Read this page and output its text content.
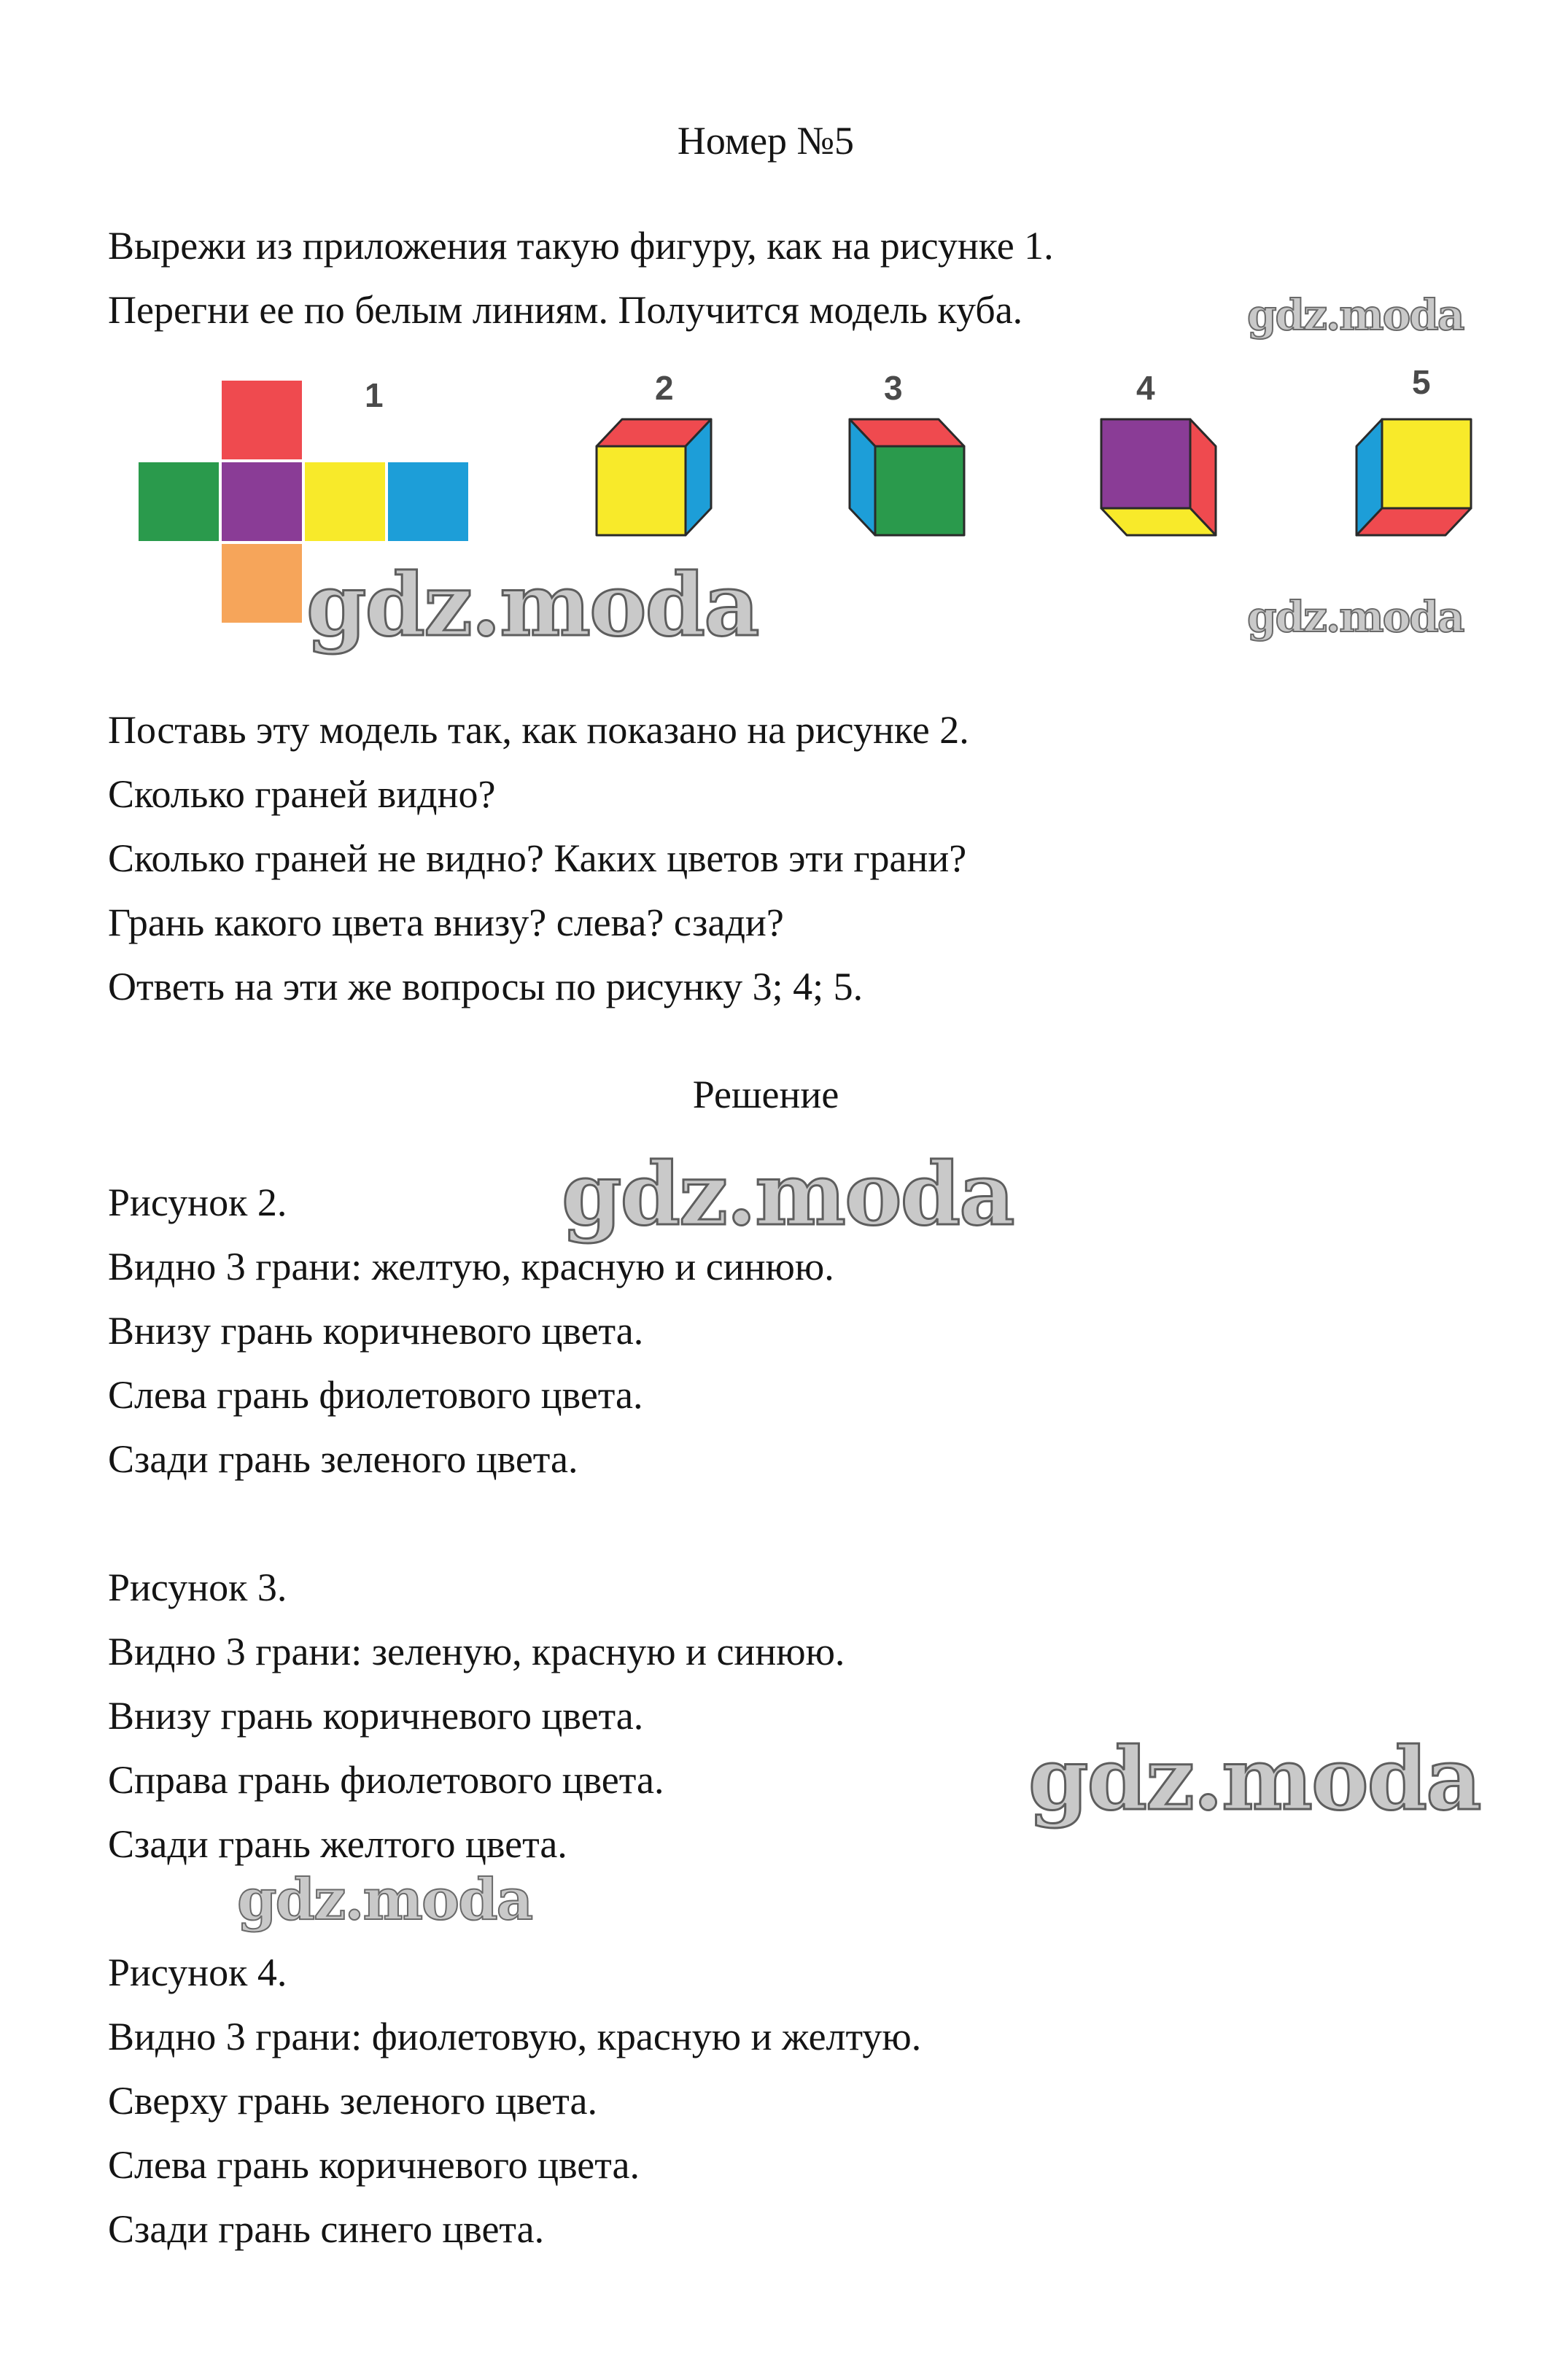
Номер №5
Вырежи из приложения такую фигуру, как на рисунке 1.
Перегни ее по белым линиям. Получится модель куба.
1	2	3	4	5
Поставь эту модель так, как показано на рисунке 2.
Сколько граней видно?
Сколько граней не видно? Каких цветов эти грани?
Грань какого цвета внизу? слева? сзади?
Ответь на эти же вопросы по рисунку 3; 4; 5.
Решение
Рисунок 2.
Видно 3 грани: желтую, красную и синюю.
Внизу грань коричневого цвета.
Слева грань фиолетового цвета.
Сзади грань зеленого цвета.
Рисунок 3.
Видно 3 грани: зеленую, красную и синюю.
Внизу грань коричневого цвета.
Справа грань фиолетового цвета.
Сзади грань желтого цвета.
Рисунок 4.
Видно 3 грани: фиолетовую, красную и желтую.
Сверху грань зеленого цвета.
Слева грань коричневого цвета.
Сзади грань синего цвета.
gdz.moda
gdz.moda	gdz.moda
gdz.moda
gdz.moda
gdz.moda
